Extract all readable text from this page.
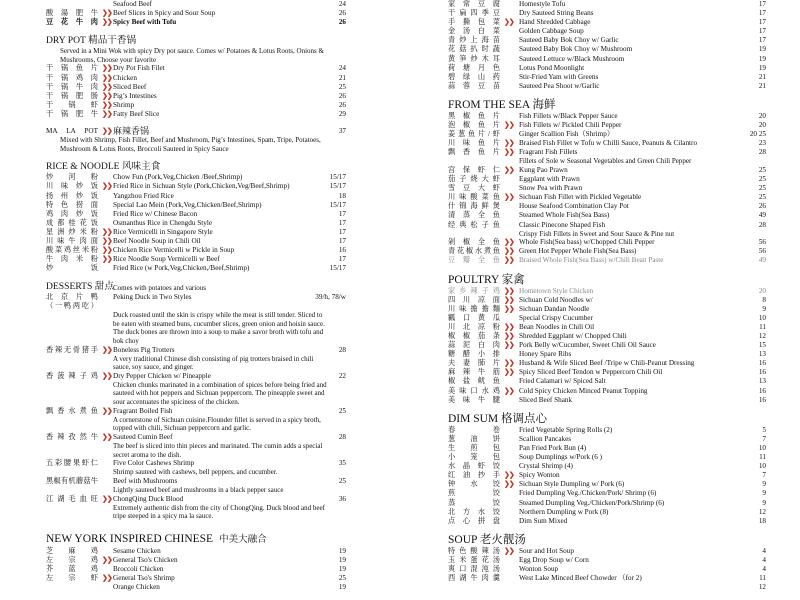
Seafood Beef	24
酸湯肥牛 ❯❯ Beef Slices in Spicy and Sour Soup	26
豆花牛肉 ❯❯ Spicy Beef with Tofu	26
DRY POT 精品干香锅
Served in a Mini Wok with spicy Dry pot sauce. Comes w/ Potatoes & Lotus Roots, Onions & Mushrooms, Choose your favorite
干锅鱼片 ❯❯ Dry Pot Fish Filet	24
干锅鸡肉 ❯❯ Chicken	21
干锅牛肉 ❯❯ Sliced Beef	25
干锅肥肠 ❯❯ Pig’s Intestines	26
干锅虾 ❯❯ Shrimp	26
干锅肥牛 ❯❯ Fatty Beef Slice	29
MA LA POT ❯❯ 麻辣香锅	37
Mixed with Shrimp, Fish Fillet, Beef and Mushroom, Pig’s Intestines, Spam, Tripe, Potatoes, Mushroom & Lotus Roots, Broccoli Sauteed in Spicy Sauce
RICE & NOODLE 风味主食
炒河粉 Chow Fun (Pork,Veg,Chicken /Beef,Shrimp)	15/17
川味炒饭 ❯❯ Fried Rice in Sichuan Style (Pork,Chicken,Veg/Beef,Shrimp)	15/17
扬州炒饭 Yangzhou Fried Rice	18
特色捞面 Special Lao Mein (Pork,Veg,Chicken/Beef,Shrimp)	15/17
鸡肉炒饭 Fried Rice w/ Chinese Bacon	17
成都桂花饭 Osmanthus Rice in Chengdu Style	17
星洲炒米粉 ❯❯ Rice Vermicelli in Singapore Style	17
川味牛肉面 ❯❯ Beef Noodle Soup in Chili Oil	17
酸菜鸡丝米粉 ❯❯ Chicken Rice Vermicelli w Pickle in Soup	16
牛肉米粉 ❯❯ Rice Noodle Soup Vermicelli w Beef	17
炒饭 Fried Rice (w Pork,Veg,Chicken,/Beef,Shrimp)	15/17
DESSERTS 甜点 Comes with potatoes and various
北京片鸭 Peking Duck in Two Styles	39/h, 78/w
（一鸭两吃）
Duck roasted until the skin is crispy while the meat is still tender. Sliced to be eaten with steamed buns, cucumber slices, green onion and hoisin sauce. The duck bones are thrown into a soup to make a savor broth with tofu and bok choy
香辣无骨猪手 ❯❯ Boneless Pig Trotters	28
A very traditional Chinese dish consisting of pig trotters braised in chili sauce, soy sauce, and ginger.
香菠辣子鸡 ❯❯ Dry Pepper Chicken w/ Pineapple	22
Chicken chunks marinated in a combination of spices before being fried and sauteed with hot peppers and Sichuan peppercorn. The pineapple sweet and sour accentuates the spiciness of the chicken.
飘香水煮鱼 ❯❯ Fragrant Boiled Fish	25
A cornerstone of Sichuan cuisine.Flounder fillet is served in a spicy broth, topped with chili, Sichuan peppercorn and garlic.
香辣孜然牛 ❯❯ Sauteed Cumin Beef	28
The beef is sliced into thin pieces and marinated. The cumin adds a special secret aroma to the dish.
五彩腰果虾仁 Five Color Cashews Shrimp	35
Shrimp sauteed with cashews, bell peppers, and cucumber.
黑椒有机蘑菇牛 Beef with Mushrooms	25
Lightly sauteed beef and mushrooms in a black pepper sauce
江湖毛血旺 ❯❯ ChongQing Duck Blood	36
Extremely authentic dish from the city of ChongQing. Duck blood and beef tripe steeped in a spicy ma la sauce.
NEW YORK INSPIRED CHINESE 中美大融合
芝麻鸡 Sesame Chicken	19
左宗鸡 ❯❯ General Tso's Chicken	19
芥蓝鸡 Broccoli Chicken	19
左宗虾 ❯❯ General Tso's Shrimp	25
Orange Chicken	19
家常豆腐	Homestyle Tofu	17
干扁四季豆	Dry Sauteed String Beans	17
手撕包菜 ❯❯ Hand Shredded Cabbage	17
金汤白菜	Golden Cabbage Soup	17
青炒上海苗	Sauteed Baby Bok Choy w/ Garlic	17
花菇扒时蔬	Sauteed Baby Bok Choy w/ Mushroom	19
黄笋炒木耳	Sauteed Lettuce w/Black Mushroom	19
荷塘月色	Lotus Pond Moonlight	19
碧绿山药	Stir-Fried Yam with Greens	21
蒜蓉豆苗	Sauteed Pea Shoot w/Garlic	21
FROM THE SEA 海鲜
黑椒鱼片	Fish Fillets w/Black Pepper Sauce	20
泡椒鱼片 ❯❯ Fish Fillets w/ Pickled Chili Pepper	20
姜葱鱼片/虾	Ginger Scallion Fish（Shrimp）	20 25
川味鱼片 ❯❯ Braised Fish Fillet w Tofu w Chilli Sauce, Peanuts & Cilantro	23
飘香鱼片 ❯❯ Fragrant Fish Fillets	28
Fillets of Sole w Seasonal Vegetables and Green Chili Pepper
宫保虾仁 ❯❯ Kung Pao Prawn	25
茄子烧大虾	Eggplant with Prawn	25
雪豆大虾	Snow Pea with Prawn	25
川味酸菜鱼 ❯❯ Sichuan Fish Fillet with Pickled Vegetable	25
什锦海鲜煲	House Seafood Combination Clay Pot	26
清蒸全鱼	Steamed Whole Fish(Sea Bass)	49
经典松子鱼	Classic Pinecone Shaped Fish	28
Crispy Fish Fillets in Sweet and Sour Sauce & Pine nut
剁椒全鱼 ❯❯ Whole Fish(Sea bass) w/Chopped Chili Pepper	56
青花椒水煮鱼 ❯❯ Green Hot Pepper Whole Fish(Sea Bass)	56
豆瓣全鱼 ❯❯ Braised Whole Fish(Sea Bass) w/Chili Bean Paste	49
POULTRY 家禽
家乡辣子鸡 ❯❯ Hometown Style Chicken	20
四川凉面 ❯❯ Sichuan Cold Noodles w/	8
川味擔擔麵 ❯❯ Sichuan Dandan Noodle	9
瓤口黄瓜	Special Crispy Cucumber	10
川北凉粉 ❯❯ Bean Noodles in Chili Oil	11
椒椒茄条 ❯❯ Shredded Eggplant w/ Chopped Chili	12
蒜泥白肉 ❯❯ Pork Belly w/Cucumber, Sweet Chili Oil Sauce	15
糖醋小排	Honey Spare Ribs	13
夫妻肺片 ❯❯ Husband & Wife Sliced Beef /Tripe w Chili-Peanut Dressing	16
麻辣牛筋 ❯❯ Spicy Sliced Beef Tendon w Peppercorn Chili Oil	16
椒盐鱿鱼	Fried Calamari w/ Spiced Salt	13
美味口水鸡 ❯❯ Cold Spicy Chicken Minced Peanut Topping	16
美味牛腱	Sliced Beef Shank	16
DIM SUM 格调点心
春卷	Fried Vegetable Spring Rolls (2)	5
葱油饼	Scallion Pancakes	7
生煎包	Pan Fried Pork Bun (4)	10
小笼包	Soup Dumplings w/Pork (6 )	11
水晶虾饺	Crystal Shrimp (4)	10
红油抄手 ❯❯ Spicy Wonton	7
钟水饺 ❯❯ Sichuan Style Dumpling w/ Pork (6)	9
煎饺	Fried Dumpling Veg./Chicken/Pork/ Shrimp (6)	9
蒸饺	Steamed Dumpling Veg./Chicken/Pork/Shrimp (6)	9
北方水饺	Northern Dumpling w Pork (8)	12
点心拼盘	Dim Sum Mixed	18
SOUP 老火靓汤
特色酸辣汤 ❯❯ Sour and Hot Soup	4
玉米蛋花汤	Egg Drop Soup w/ Corn	4
爽口混沌汤	Wonton Soup	4
西湖牛肉羹	West Lake Minced Beef Chowder （for 2)	11
12
